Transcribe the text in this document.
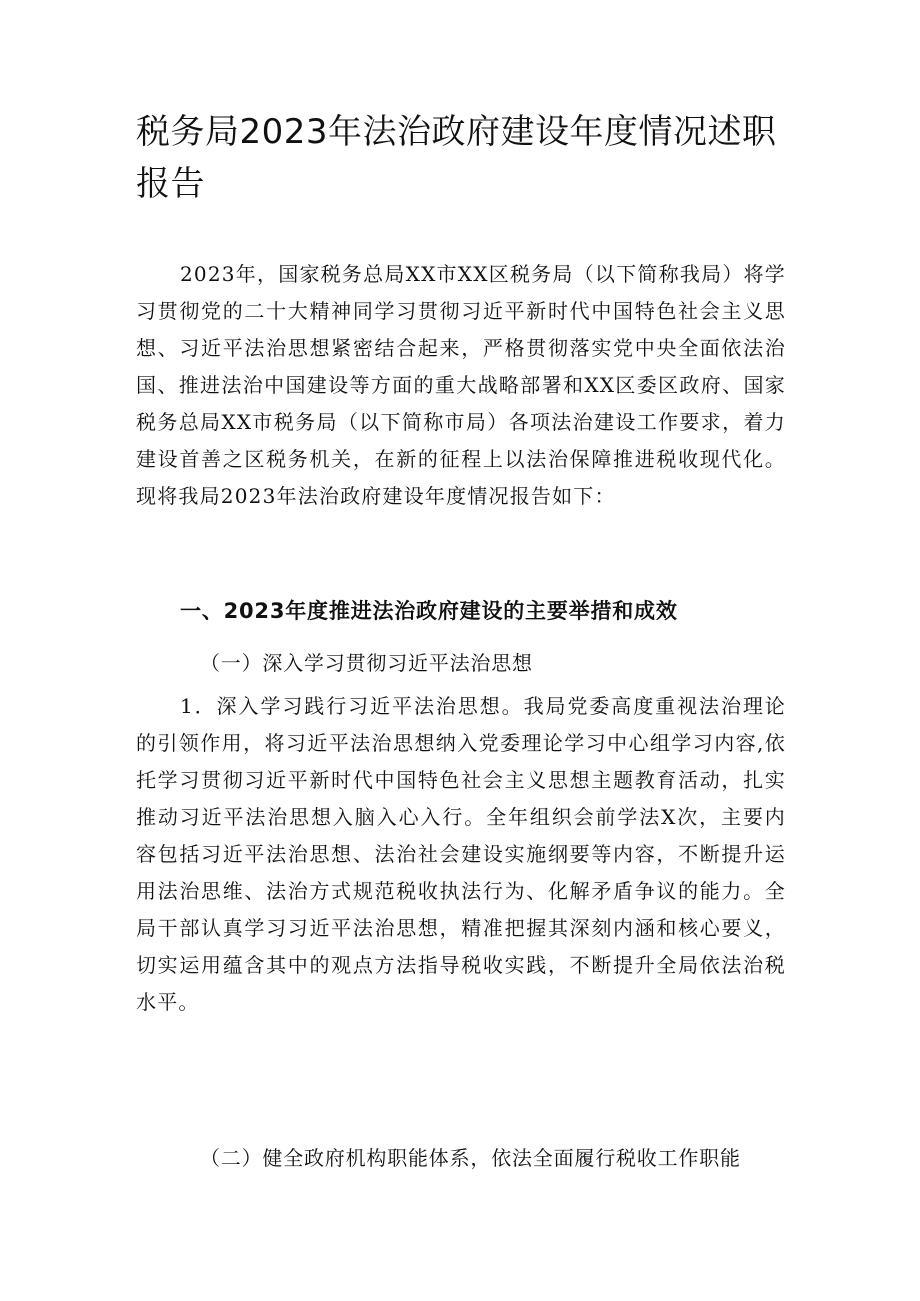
税务局2023年法治政府建设年度情况述职报告

2023年，国家税务总局XX市XX区税务局（以下简称我局）将学习贯彻党的二十大精神同学习贯彻习近平新时代中国特色社会主义思想、习近平法治思想紧密结合起来，严格贯彻落实党中央全面依法治国、推进法治中国建设等方面的重大战略部署和XX区委区政府、国家税务总局XX市税务局（以下简称市局）各项法治建设工作要求，着力建设首善之区税务机关，在新的征程上以法治保障推进税收现代化。现将我局2023年法治政府建设年度情况报告如下：

一、2023年度推进法治政府建设的主要举措和成效

（一）深入学习贯彻习近平法治思想

1．深入学习践行习近平法治思想。我局党委高度重视法治理论的引领作用，将习近平法治思想纳入党委理论学习中心组学习内容,依托学习贯彻习近平新时代中国特色社会主义思想主题教育活动，扎实推动习近平法治思想入脑入心入行。全年组织会前学法X次，主要内容包括习近平法治思想、法治社会建设实施纲要等内容，不断提升运用法治思维、法治方式规范税收执法行为、化解矛盾争议的能力。全局干部认真学习习近平法治思想，精准把握其深刻内涵和核心要义，切实运用蕴含其中的观点方法指导税收实践，不断提升全局依法治税水平。

（二）健全政府机构职能体系，依法全面履行税收工作职能
